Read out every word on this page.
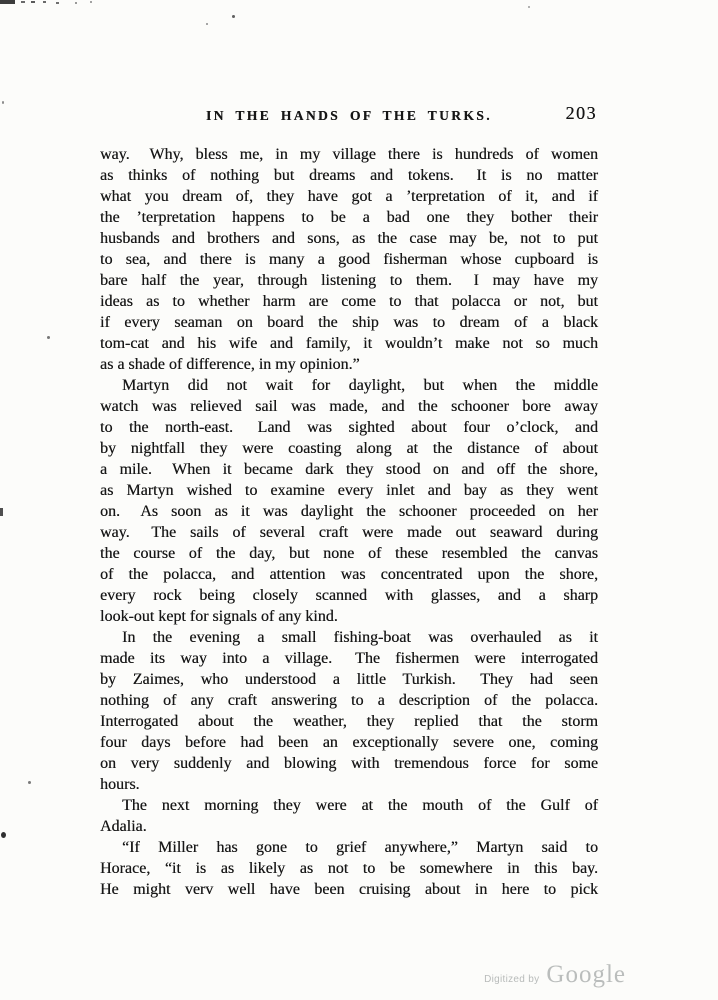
IN THE HANDS OF THE TURKS.	203
way.  Why, bless me, in my village there is hundreds of women
as thinks of nothing but dreams and tokens.  It is no matter
what you dream of, they have got a ’terpretation of it, and if
the ’terpretation happens to be a bad one they bother their
husbands and brothers and sons, as the case may be, not to put
to sea, and there is many a good fisherman whose cupboard is
bare half the year, through listening to them.  I may have my
ideas as to whether harm are come to that polacca or not, but
if every seaman on board the ship was to dream of a black
tom-cat and his wife and family, it wouldn’t make not so much
as a shade of difference, in my opinion.”
Martyn did not wait for daylight, but when the middle
watch was relieved sail was made, and the schooner bore away
to the north-east.  Land was sighted about four o’clock, and
by nightfall they were coasting along at the distance of about
a mile.  When it became dark they stood on and off the shore,
as Martyn wished to examine every inlet and bay as they went
on.  As soon as it was daylight the schooner proceeded on her
way.  The sails of several craft were made out seaward during
the course of the day, but none of these resembled the canvas
of the polacca, and attention was concentrated upon the shore,
every rock being closely scanned with glasses, and a sharp
look-out kept for signals of any kind.
In the evening a small fishing-boat was overhauled as it
made its way into a village.  The fishermen were interrogated
by Zaimes, who understood a little Turkish.  They had seen
nothing of any craft answering to a description of the polacca.
Interrogated about the weather, they replied that the storm
four days before had been an exceptionally severe one, coming
on very suddenly and blowing with tremendous force for some
hours.
The next morning they were at the mouth of the Gulf of
Adalia.
“If Miller has gone to grief anywhere,” Martyn said to
Horace, “it is as likely as not to be somewhere in this bay.
He might verv well have been cruising about in here to pick
Digitized by Google
